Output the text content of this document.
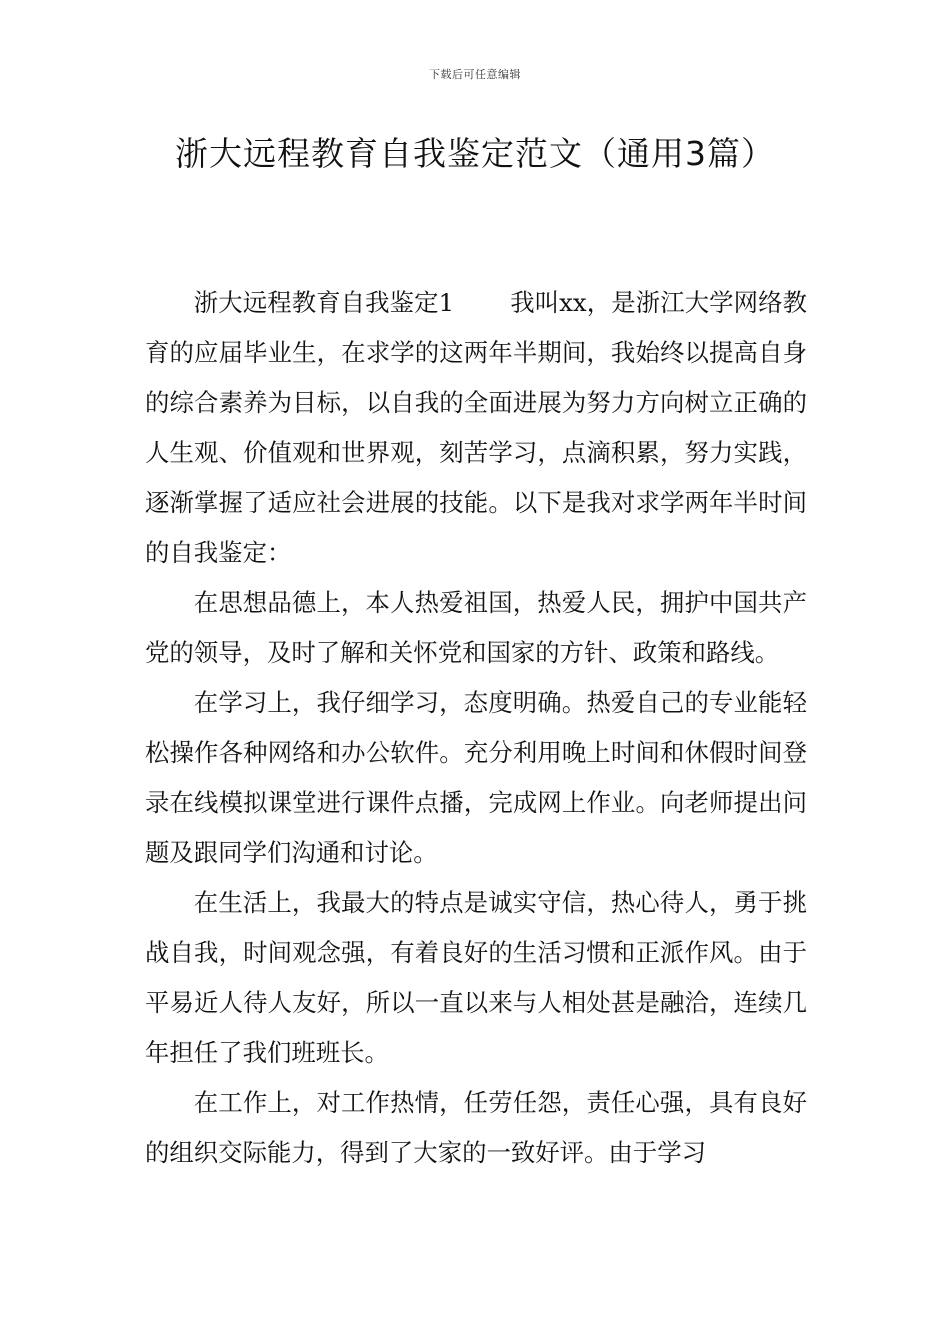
下载后可任意编辑
浙大远程教育自我鉴定范文（通用3篇）

浙大远程教育自我鉴定1 我叫xx，是浙江大学网络教育的应届毕业生，在求学的这两年半期间，我始终以提高自身的综合素养为目标，以自我的全面进展为努力方向树立正确的人生观、价值观和世界观，刻苦学习，点滴积累，努力实践，逐渐掌握了适应社会进展的技能。以下是我对求学两年半时间的自我鉴定：

在思想品德上，本人热爱祖国，热爱人民，拥护中国共产党的领导，及时了解和关怀党和国家的方针、政策和路线。

在学习上，我仔细学习，态度明确。热爱自己的专业能轻松操作各种网络和办公软件。充分利用晚上时间和休假时间登录在线模拟课堂进行课件点播，完成网上作业。向老师提出问题及跟同学们沟通和讨论。

在生活上，我最大的特点是诚实守信，热心待人，勇于挑战自我，时间观念强，有着良好的生活习惯和正派作风。由于平易近人待人友好，所以一直以来与人相处甚是融洽，连续几年担任了我们班班长。

在工作上，对工作热情，任劳任怨，责任心强，具有良好的组织交际能力，得到了大家的一致好评。由于学习
